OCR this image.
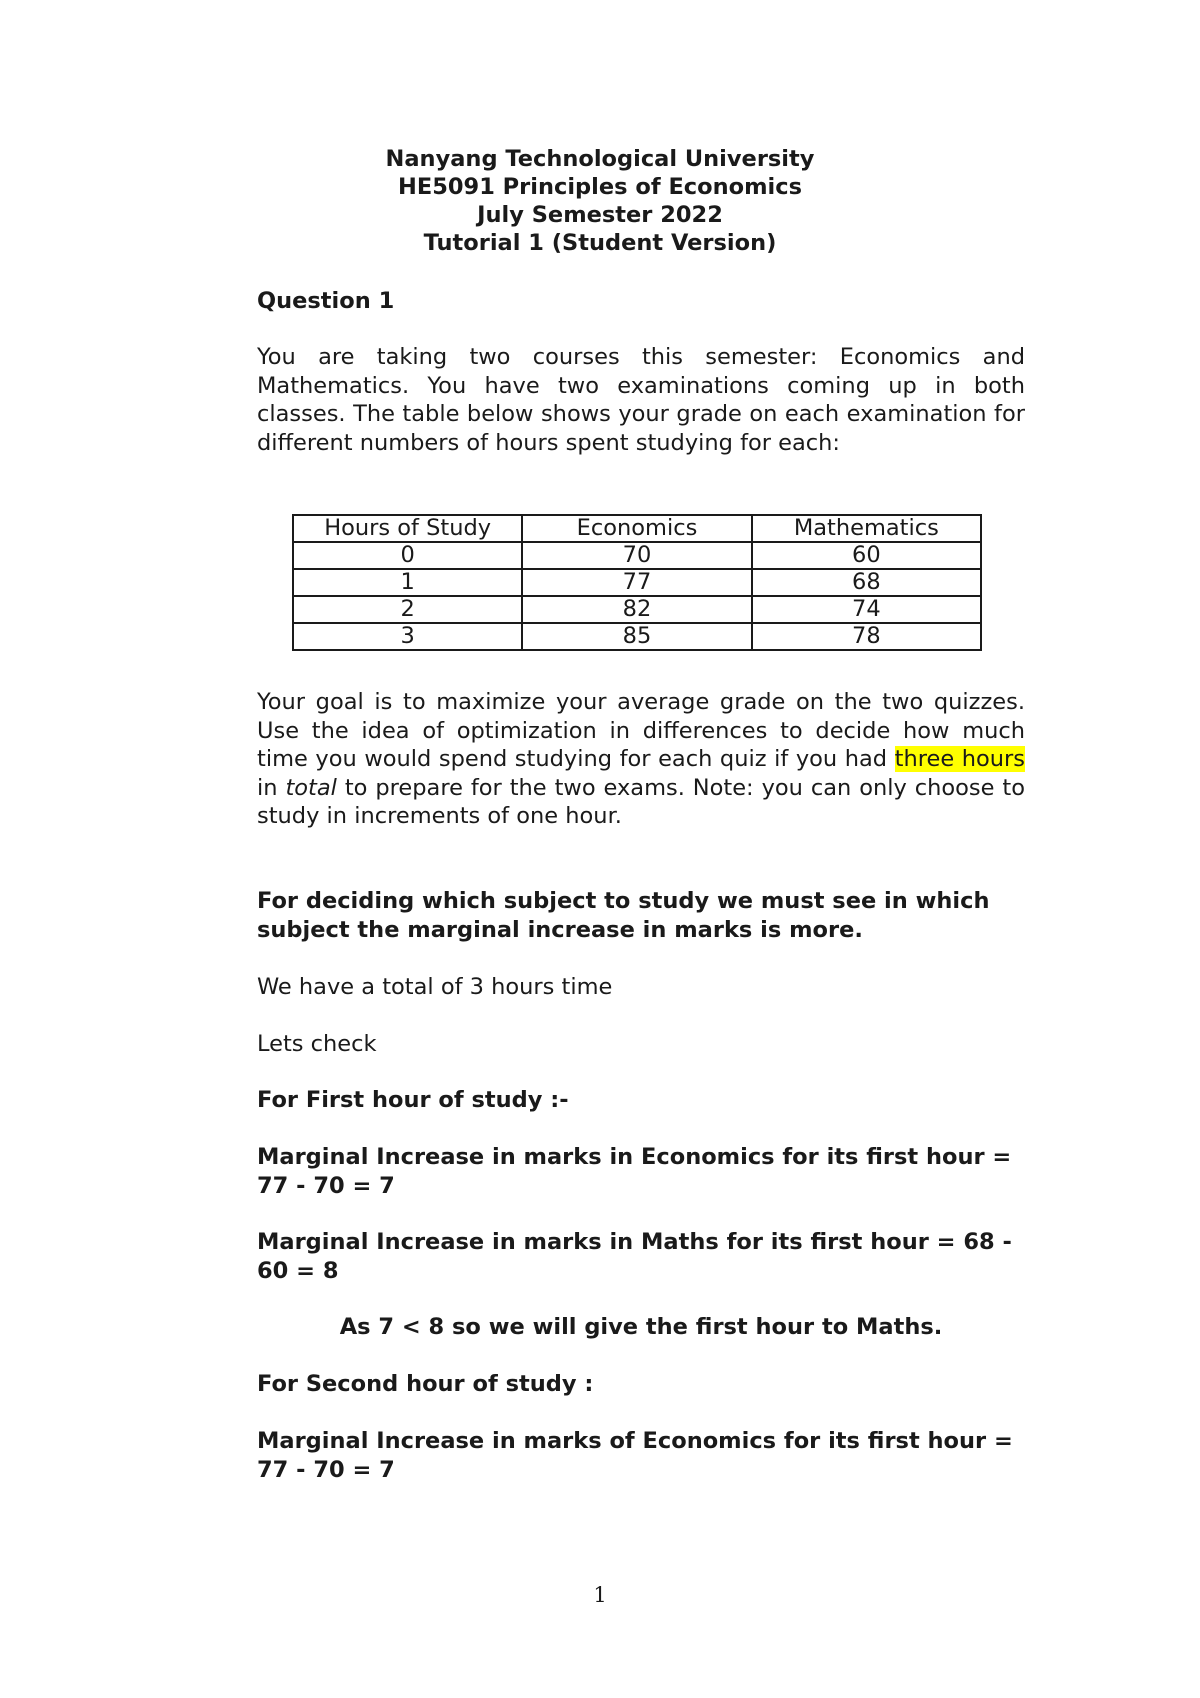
Nanyang Technological University
HE5091 Principles of Economics
July Semester 2022
Tutorial 1 (Student Version)
Question 1
You are taking two courses this semester: Economics and Mathematics. You have two examinations coming up in both classes. The table below shows your grade on each examination for different numbers of hours spent studying for each:
Hours of Study	Economics	Mathematics
0	70	60
1	77	68
2	82	74
3	85	78
Your goal is to maximize your average grade on the two quizzes. Use the idea of optimization in differences to decide how much time you would spend studying for each quiz if you had three hours in total to prepare for the two exams. Note: you can only choose to study in increments of one hour.
For deciding which subject to study we must see in which subject the marginal increase in marks is more.
We have a total of 3 hours time
Lets check
For First hour of study :-
Marginal Increase in marks in Economics for its first hour = 77 - 70 = 7
Marginal Increase in marks in Maths for its first hour = 68 - 60 = 8
As 7 < 8 so we will give the first hour to Maths.
For Second hour of study :
Marginal Increase in marks of Economics for its first hour = 77 - 70 = 7
1
